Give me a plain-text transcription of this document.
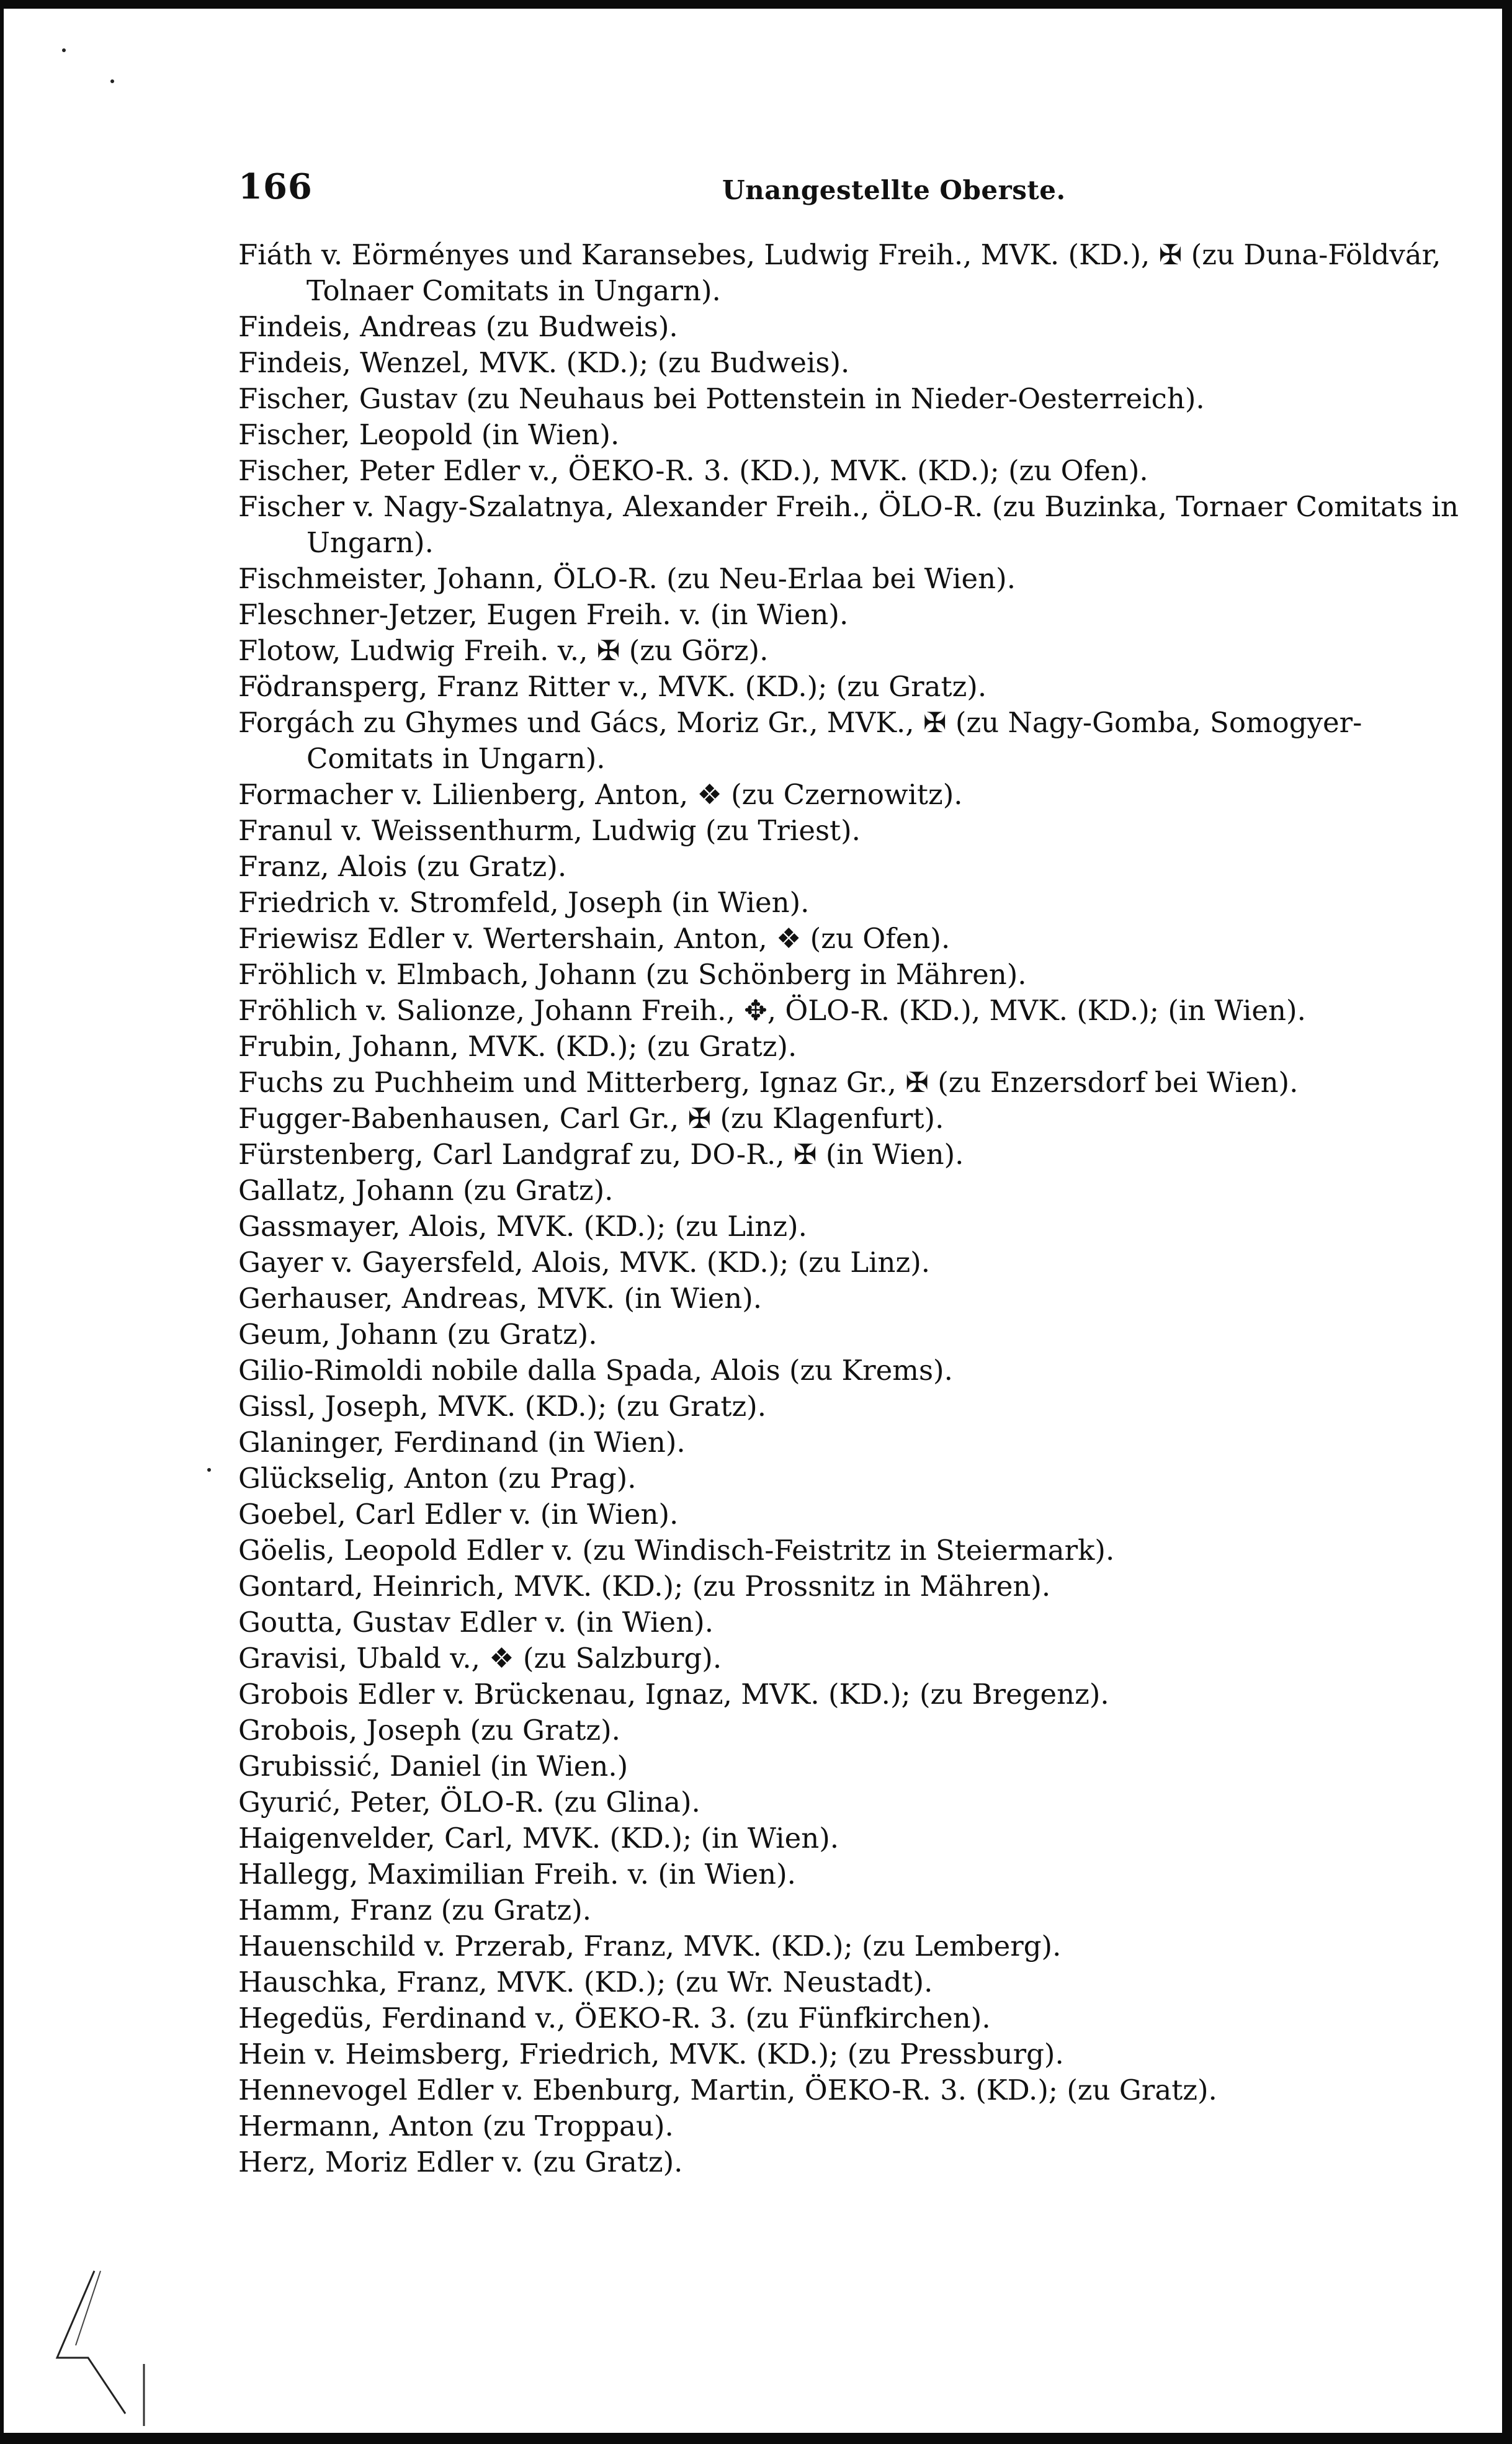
166	Unangestellte Oberste.
Fiáth v. Eörményes und Karansebes, Ludwig Freih., MVK. (KD.), ✠ (zu Duna-Földvár, Tolnaer Comitats in Ungarn).
Findeis, Andreas (zu Budweis).
Findeis, Wenzel, MVK. (KD.); (zu Budweis).
Fischer, Gustav (zu Neuhaus bei Pottenstein in Nieder-Oesterreich).
Fischer, Leopold (in Wien).
Fischer, Peter Edler v., ÖEKO-R. 3. (KD.), MVK. (KD.); (zu Ofen).
Fischer v. Nagy-Szalatnya, Alexander Freih., ÖLO-R. (zu Buzinka, Tornaer Comitats in Ungarn).
Fischmeister, Johann, ÖLO-R. (zu Neu-Erlaa bei Wien).
Fleschner-Jetzer, Eugen Freih. v. (in Wien).
Flotow, Ludwig Freih. v., ✠ (zu Görz).
Födransperg, Franz Ritter v., MVK. (KD.); (zu Gratz).
Forgách zu Ghymes und Gács, Moriz Gr., MVK., ✠ (zu Nagy-Gomba, Somogyer-Comitats in Ungarn).
Formacher v. Lilienberg, Anton, ❖ (zu Czernowitz).
Franul v. Weissenthurm, Ludwig (zu Triest).
Franz, Alois (zu Gratz).
Friedrich v. Stromfeld, Joseph (in Wien).
Friewisz Edler v. Wertershain, Anton, ❖ (zu Ofen).
Fröhlich v. Elmbach, Johann (zu Schönberg in Mähren).
Fröhlich v. Salionze, Johann Freih., ✥, ÖLO-R. (KD.), MVK. (KD.); (in Wien).
Frubin, Johann, MVK. (KD.); (zu Gratz).
Fuchs zu Puchheim und Mitterberg, Ignaz Gr., ✠ (zu Enzersdorf bei Wien).
Fugger-Babenhausen, Carl Gr., ✠ (zu Klagenfurt).
Fürstenberg, Carl Landgraf zu, DO-R., ✠ (in Wien).
Gallatz, Johann (zu Gratz).
Gassmayer, Alois, MVK. (KD.); (zu Linz).
Gayer v. Gayersfeld, Alois, MVK. (KD.); (zu Linz).
Gerhauser, Andreas, MVK. (in Wien).
Geum, Johann (zu Gratz).
Gilio-Rimoldi nobile dalla Spada, Alois (zu Krems).
Gissl, Joseph, MVK. (KD.); (zu Gratz).
Glaninger, Ferdinand (in Wien).
Glückselig, Anton (zu Prag).
Goebel, Carl Edler v. (in Wien).
Göelis, Leopold Edler v. (zu Windisch-Feistritz in Steiermark).
Gontard, Heinrich, MVK. (KD.); (zu Prossnitz in Mähren).
Goutta, Gustav Edler v. (in Wien).
Gravisi, Ubald v., ❖ (zu Salzburg).
Grobois Edler v. Brückenau, Ignaz, MVK. (KD.); (zu Bregenz).
Grobois, Joseph (zu Gratz).
Grubissić, Daniel (in Wien.)
Gyurić, Peter, ÖLO-R. (zu Glina).
Haigenvelder, Carl, MVK. (KD.); (in Wien).
Hallegg, Maximilian Freih. v. (in Wien).
Hamm, Franz (zu Gratz).
Hauenschild v. Przerab, Franz, MVK. (KD.); (zu Lemberg).
Hauschka, Franz, MVK. (KD.); (zu Wr. Neustadt).
Hegedüs, Ferdinand v., ÖEKO-R. 3. (zu Fünfkirchen).
Hein v. Heimsberg, Friedrich, MVK. (KD.); (zu Pressburg).
Hennevogel Edler v. Ebenburg, Martin, ÖEKO-R. 3. (KD.); (zu Gratz).
Hermann, Anton (zu Troppau).
Herz, Moriz Edler v. (zu Gratz).
